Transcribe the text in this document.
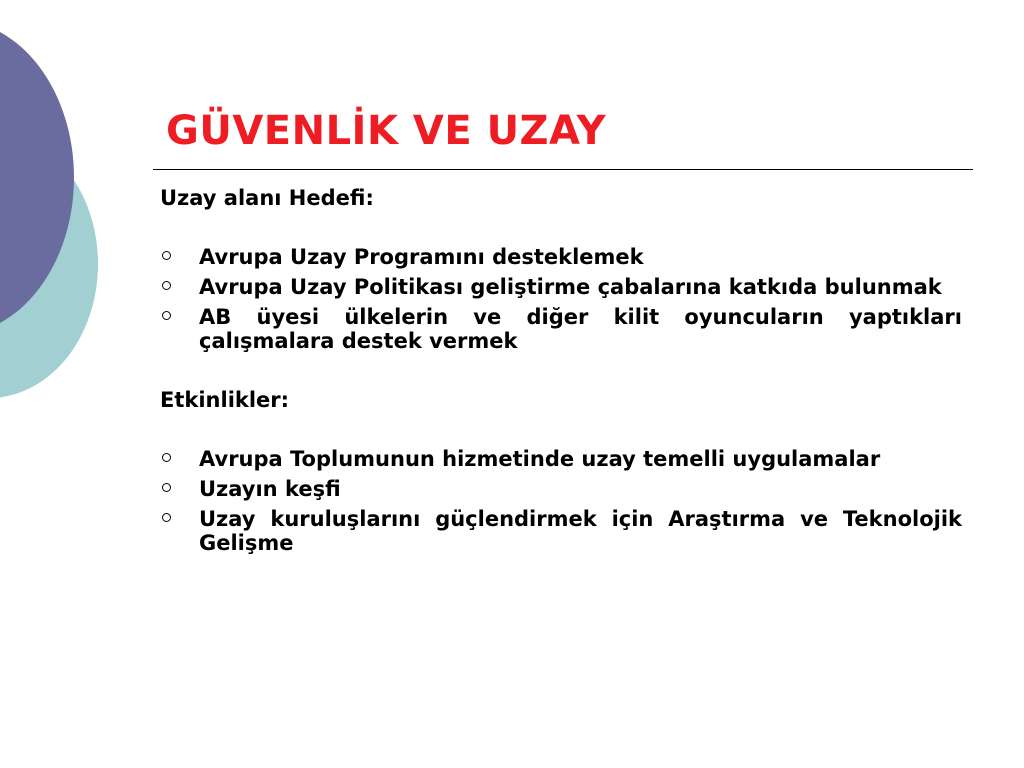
GÜVENLİK VE UZAY

Uzay alanı Hedefi:

Avrupa Uzay Programını desteklemek
Avrupa Uzay Politikası geliştirme çabalarına katkıda bulunmak
AB üyesi ülkelerin ve diğer kilit oyuncuların yaptıkları çalışmalara destek vermek

Etkinlikler:

Avrupa Toplumunun hizmetinde uzay temelli uygulamalar
Uzayın keşfi
Uzay kuruluşlarını güçlendirmek için Araştırma ve Teknolojik Gelişme
